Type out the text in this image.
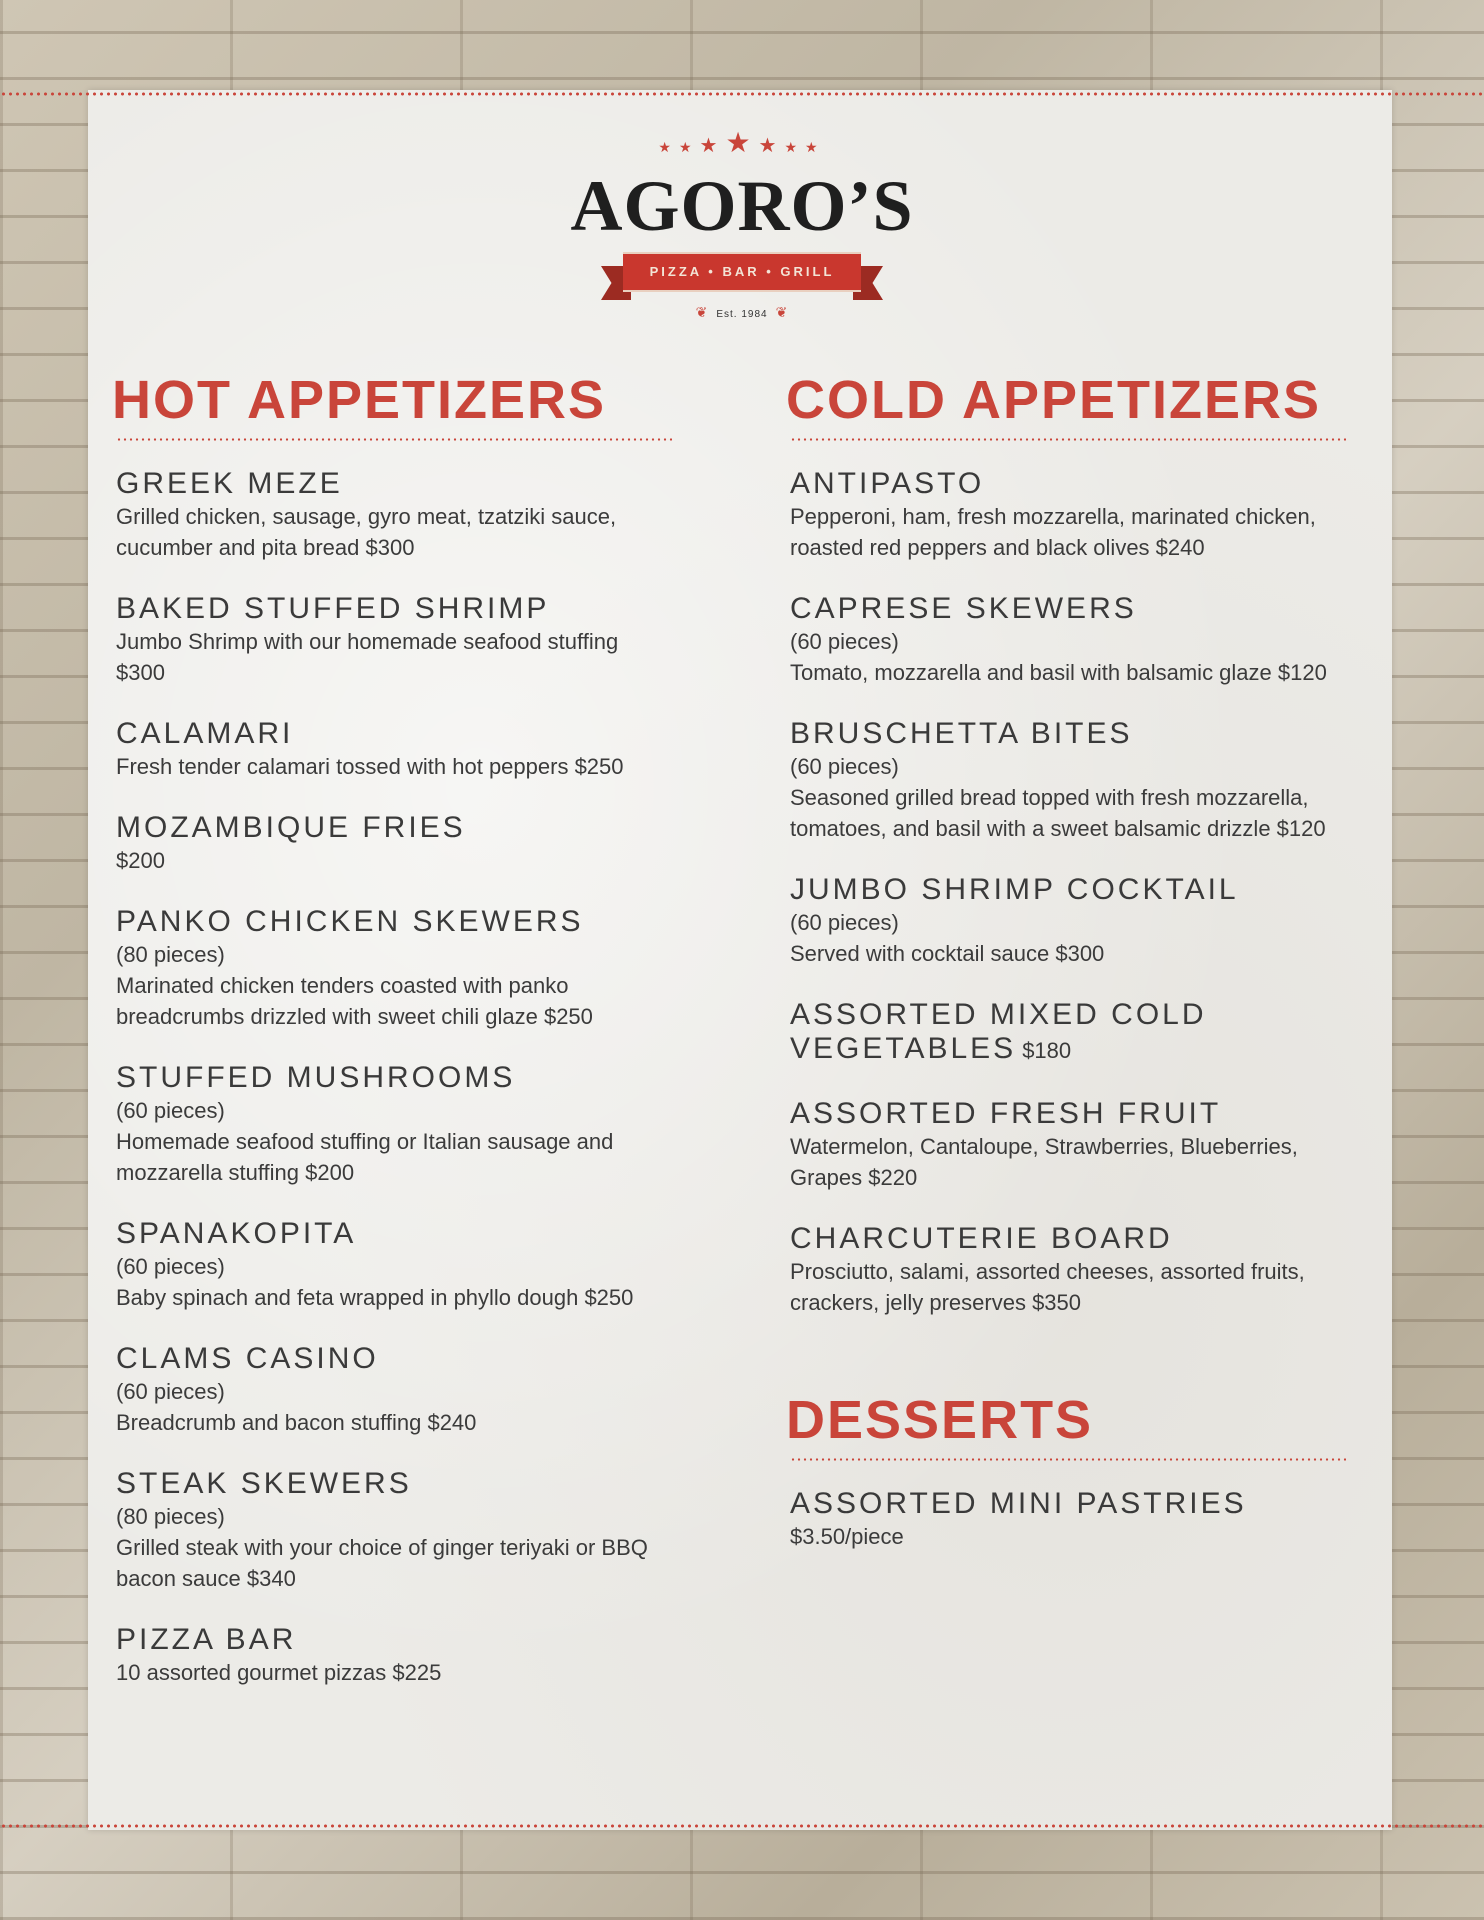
★★★★★★★
AGORO’S
PIZZA • BAR • GRILL
❦ Est. 1984 ❦
HOT APPETIZERS
GREEK MEZE
Grilled chicken, sausage, gyro meat, tzatziki sauce, cucumber and pita bread $300
BAKED STUFFED SHRIMP
Jumbo Shrimp with our homemade seafood stuffing $300
CALAMARI
Fresh tender calamari tossed with hot peppers $250
MOZAMBIQUE FRIES
$200
PANKO CHICKEN SKEWERS
(80 pieces)
Marinated chicken tenders coasted with panko breadcrumbs drizzled with sweet chili glaze $250
STUFFED MUSHROOMS
(60 pieces)
Homemade seafood stuffing or Italian sausage and mozzarella stuffing $200
SPANAKOPITA
(60 pieces)
Baby spinach and feta wrapped in phyllo dough $250
CLAMS CASINO
(60 pieces)
Breadcrumb and bacon stuffing $240
STEAK SKEWERS
(80 pieces)
Grilled steak with your choice of ginger teriyaki or BBQ bacon sauce $340
PIZZA BAR
10 assorted gourmet pizzas $225
COLD APPETIZERS
ANTIPASTO
Pepperoni, ham, fresh mozzarella, marinated chicken, roasted red peppers and black olives $240
CAPRESE SKEWERS
(60 pieces)
Tomato, mozzarella and basil with balsamic glaze $120
BRUSCHETTA BITES
(60 pieces)
Seasoned grilled bread topped with fresh mozzarella, tomatoes, and basil with a sweet balsamic drizzle $120
JUMBO SHRIMP COCKTAIL
(60 pieces)
Served with cocktail sauce $300
ASSORTED MIXED COLD VEGETABLES $180
ASSORTED FRESH FRUIT
Watermelon, Cantaloupe, Strawberries, Blueberries, Grapes $220
CHARCUTERIE BOARD
Prosciutto, salami, assorted cheeses, assorted fruits, crackers, jelly preserves $350
DESSERTS
ASSORTED MINI PASTRIES
$3.50/piece
